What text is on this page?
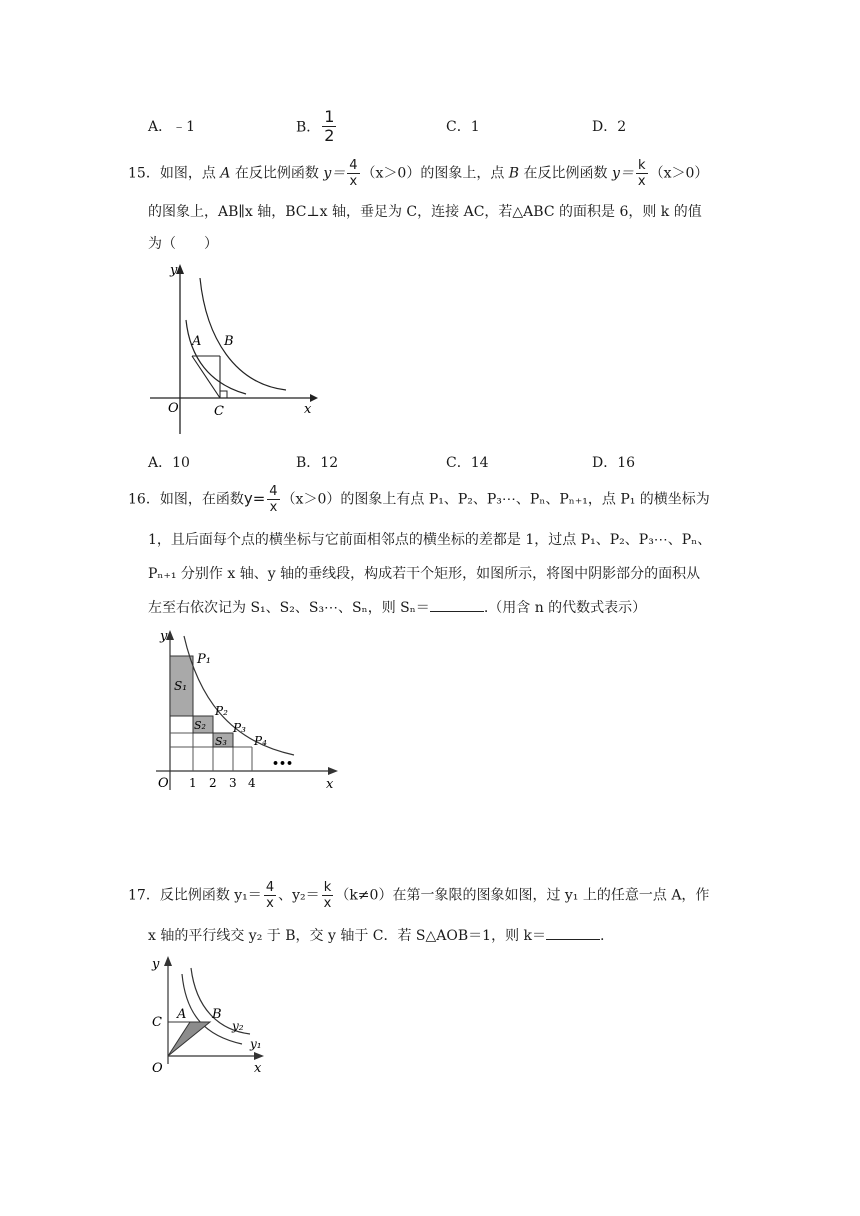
A．﹣1	B． $\frac{1}{2}$	C．1	D．2
15．如图，点 A 在反比例函数 $y= \frac{4}{x} (x>0)$的图象上，点 B 在反比例函数 $y= \frac{k}{x} (x>0)$
的图象上，AB∥x 轴，BC⊥x 轴，垂足为 C，连接 AC，若△ABC 的面积是 6，则 k 的值
为（　　）
y
x
O
A B
C
A．10	B．12	C．14	D．16
16．如图，在函数$y= \frac{4}{x} (x>0)$的图象上有点 P₁、P₂、P₃⋯、Pₙ、Pₙ₊₁，点 P₁ 的横坐标为
1，且后面每个点的横坐标与它前面相邻点的横坐标的差都是 1，过点 P₁、P₂、P₃⋯、Pₙ、
Pₙ₊₁ 分别作 x 轴、y 轴的垂线段，构成若干个矩形，如图所示，将图中阴影部分的面积从
左至右依次记为 S₁、S₂、S₃⋯、Sₙ，则 Sₙ＝	.（用含 n 的代数式表示）
y
x
O
P₁
P₂
P₃
P₄
S₁
S₂
S₃
1 2 3 4
•••
17．反比例函数 $y_1= \frac{4}{x}$ 、$y_2= \frac{k}{x} (k\ne 0)$在第一象限的图象如图，过 y₁ 上的任意一点 A，作
x 轴的平行线交 y₂ 于 B，交 y 轴于 C．若 S△AOB＝1，则 k＝	.
y
x
O
C
A B
y₂
y₁
